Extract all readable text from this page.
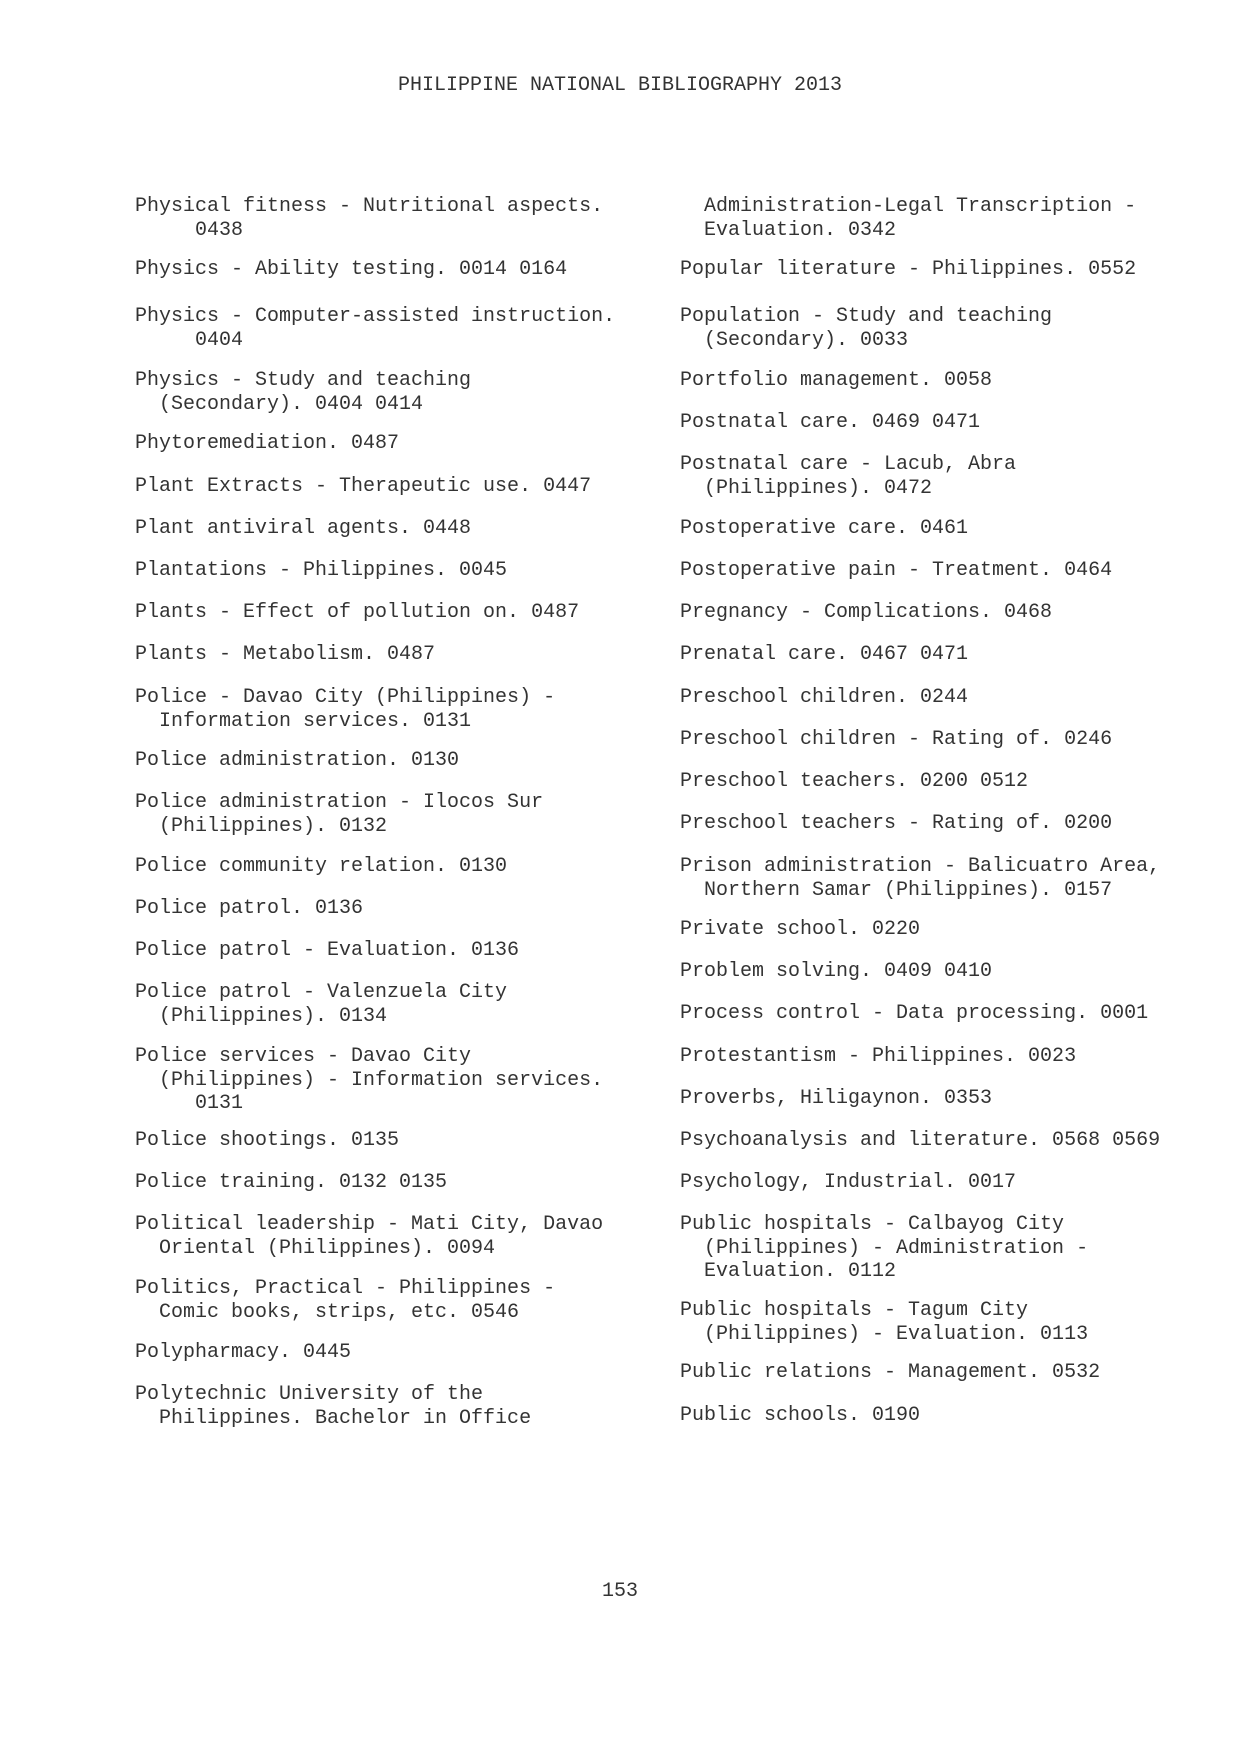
PHILIPPINE NATIONAL BIBLIOGRAPHY 2013
Physical fitness - Nutritional aspects.
0438
Physics - Ability testing. 0014 0164
Physics - Computer-assisted instruction.
0404
Physics - Study and teaching
(Secondary). 0404 0414
Phytoremediation. 0487
Plant Extracts - Therapeutic use. 0447
Plant antiviral agents. 0448
Plantations - Philippines. 0045
Plants - Effect of pollution on. 0487
Plants - Metabolism. 0487
Police - Davao City (Philippines) -
Information services. 0131
Police administration. 0130
Police administration - Ilocos Sur
(Philippines). 0132
Police community relation. 0130
Police patrol. 0136
Police patrol - Evaluation. 0136
Police patrol - Valenzuela City
(Philippines). 0134
Police services - Davao City
(Philippines) - Information services.
0131
Police shootings. 0135
Police training. 0132 0135
Political leadership - Mati City, Davao
Oriental (Philippines). 0094
Politics, Practical - Philippines -
Comic books, strips, etc. 0546
Polypharmacy. 0445
Polytechnic University of the
Philippines. Bachelor in Office
Administration-Legal Transcription -
Evaluation. 0342
Popular literature - Philippines. 0552
Population - Study and teaching
(Secondary). 0033
Portfolio management. 0058
Postnatal care. 0469 0471
Postnatal care - Lacub, Abra
(Philippines). 0472
Postoperative care. 0461
Postoperative pain - Treatment. 0464
Pregnancy - Complications. 0468
Prenatal care. 0467 0471
Preschool children. 0244
Preschool children - Rating of. 0246
Preschool teachers. 0200 0512
Preschool teachers - Rating of. 0200
Prison administration - Balicuatro Area,
Northern Samar (Philippines). 0157
Private school. 0220
Problem solving. 0409 0410
Process control - Data processing. 0001
Protestantism - Philippines. 0023
Proverbs, Hiligaynon. 0353
Psychoanalysis and literature. 0568 0569
Psychology, Industrial. 0017
Public hospitals - Calbayog City
(Philippines) - Administration -
Evaluation. 0112
Public hospitals - Tagum City
(Philippines) - Evaluation. 0113
Public relations - Management. 0532
Public schools. 0190
153
